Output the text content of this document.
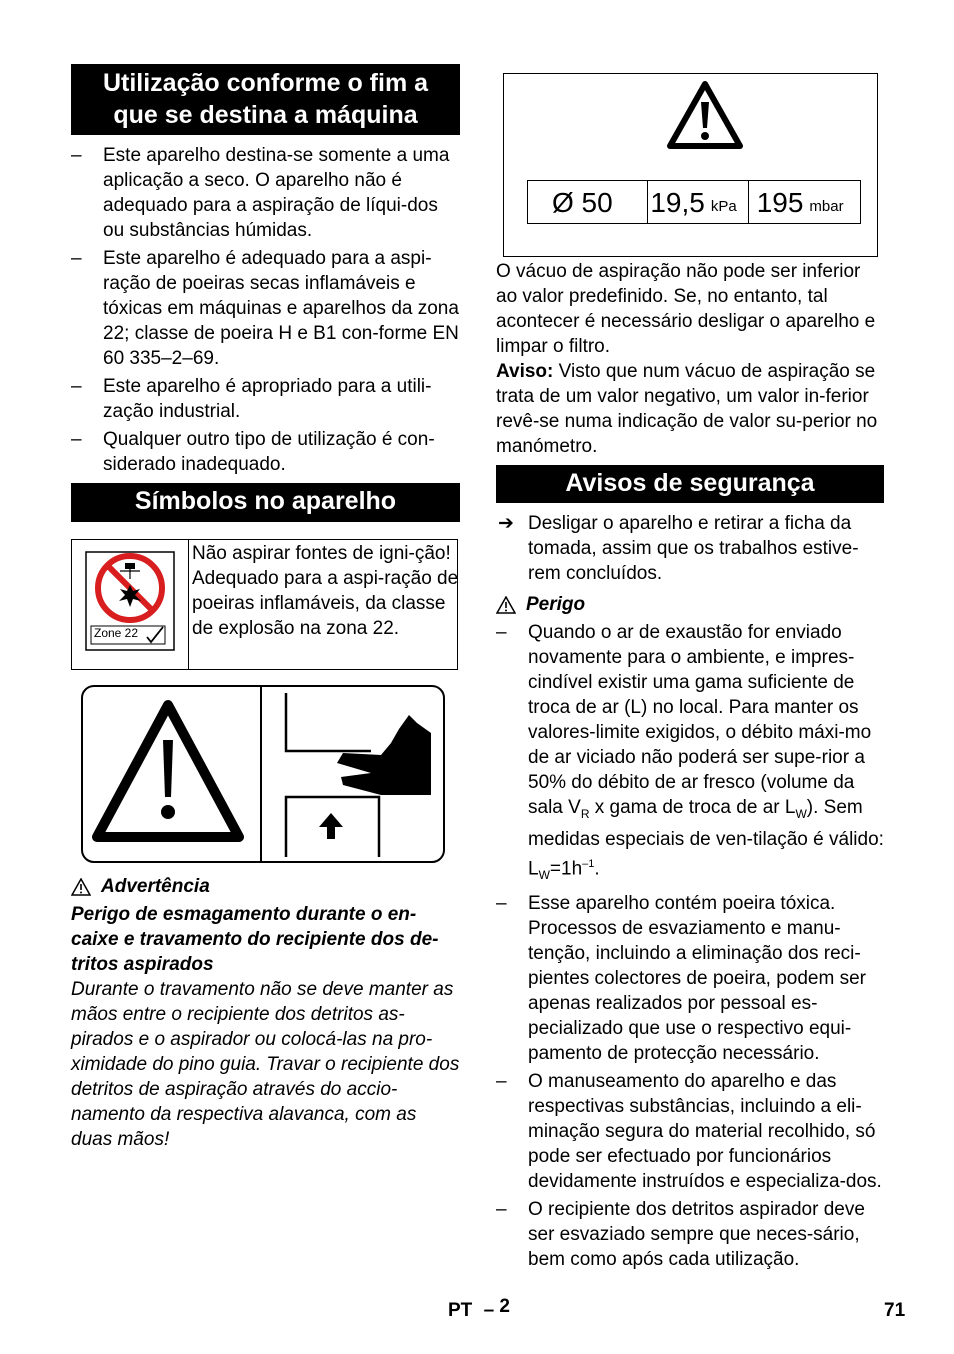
Utilização conforme o fim a
que se destina a máquina
– Este aparelho destina-se somente a uma aplicação a seco. O aparelho não é adequado para a aspiração de líqui-dos ou substâncias húmidas.
– Este aparelho é adequado para a aspi-ração de poeiras secas inflamáveis e tóxicas em máquinas e aparelhos da zona 22; classe de poeira H e B1 con-forme EN 60 335–2–69.
– Este aparelho é apropriado para a utili-zação industrial.
– Qualquer outro tipo de utilização é con-siderado inadequado.
Símbolos no aparelho
Zone 22
Não aspirar fontes de igni-ção! Adequado para a aspi-ração de poeiras inflamáveis, da classe de explosão na zona 22.
Advertência

Perigo de esmagamento durante o en-caixe e travamento do recipiente dos de-tritos aspirados

Durante o travamento não se deve manter as mãos entre o recipiente dos detritos as-pirados e o aspirador ou colocá-las na pro-ximidade do pino guia. Travar o recipiente dos detritos de aspiração através do accio-namento da respectiva alavanca, com as duas mãos!

Ø 50 19,5 kPa 195 mbar

O vácuo de aspiração não pode ser inferior ao valor predefinido. Se, no entanto, tal acontecer é necessário desligar o aparelho e limpar o filtro.

Aviso: Visto que num vácuo de aspiração se trata de um valor negativo, um valor in-ferior revê-se numa indicação de valor su-perior no manómetro.

Avisos de segurança
➔ Desligar o aparelho e retirar a ficha da tomada, assim que os trabalhos estive-rem concluídos.
Perigo
– Quando o ar de exaustão for enviado novamente para o ambiente, e impres-cindível existir uma gama suficiente de troca de ar (L) no local. Para manter os valores-limite exigidos, o débito máxi-mo de ar viciado não poderá ser supe-rior a 50% do débito de ar fresco (volume da sala $V_R$ x gama de troca de ar $L_W$). Sem medidas especiais de ven-tilação é válido: $L_W=1h^{-1}$.
– Esse aparelho contém poeira tóxica. Processos de esvaziamento e manu-tenção, incluindo a eliminação dos reci-pientes colectores de poeira, podem ser apenas realizados por pessoal es-pecializado que use o respectivo equi-pamento de protecção necessário.
– O manuseamento do aparelho e das respectivas substâncias, incluindo a eli-minação segura do material recolhido, só pode ser efectuado por funcionários devidamente instruídos e especializa-dos.
– O recipiente dos detritos aspirador deve ser esvaziado sempre que neces-sário, bem como após cada utilização.
PT – 2	71
